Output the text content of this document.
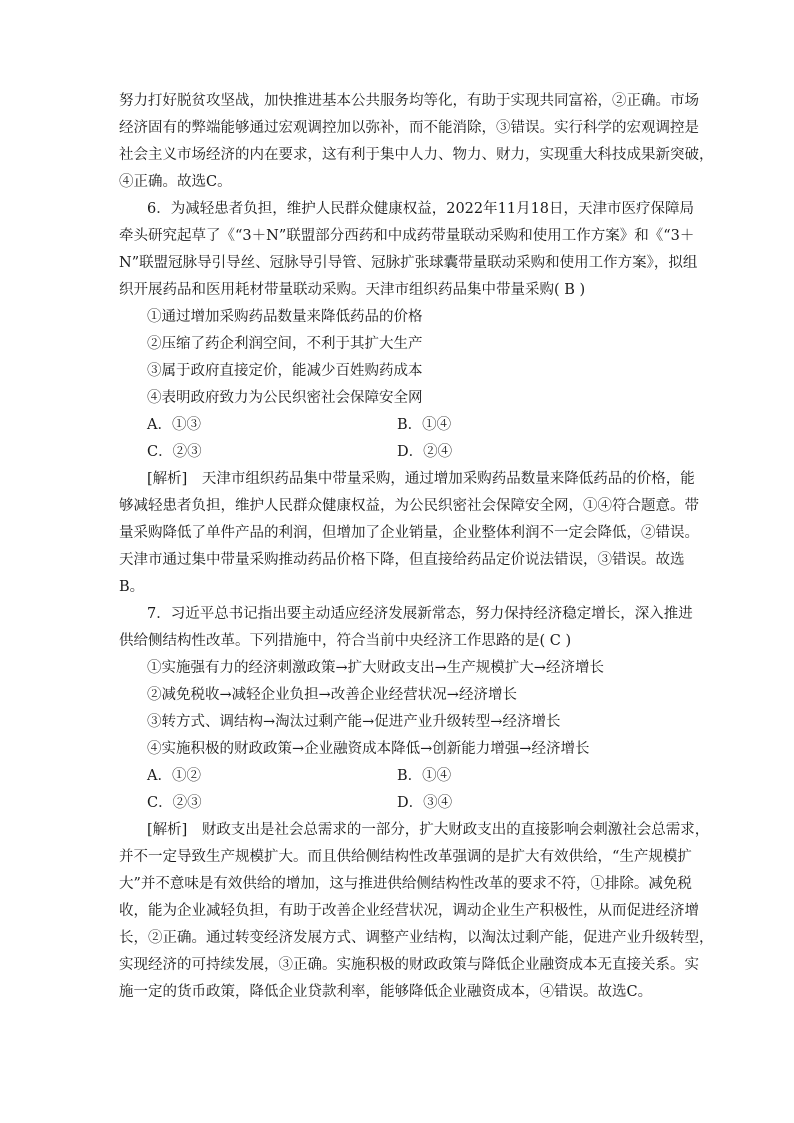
努力打好脱贫攻坚战，加快推进基本公共服务均等化，有助于实现共同富裕，②正确。市场
经济固有的弊端能够通过宏观调控加以弥补，而不能消除，③错误。实行科学的宏观调控是
社会主义市场经济的内在要求，这有利于集中人力、物力、财力，实现重大科技成果新突破，
④正确。故选C。
6．为减轻患者负担，维护人民群众健康权益，2022年11月18日，天津市医疗保障局
牵头研究起草了《“3＋N”联盟部分西药和中成药带量联动采购和使用工作方案》和《“3＋
N”联盟冠脉导引导丝、冠脉导引导管、冠脉扩张球囊带量联动采购和使用工作方案》，拟组
织开展药品和医用耗材带量联动采购。天津市组织药品集中带量采购( B )
①通过增加采购药品数量来降低药品的价格
②压缩了药企利润空间，不利于其扩大生产
③属于政府直接定价，能减少百姓购药成本
④表明政府致力为公民织密社会保障安全网
A．①③	B．①④
C．②③	D．②④
[解析]　天津市组织药品集中带量采购，通过增加采购药品数量来降低药品的价格，能
够减轻患者负担，维护人民群众健康权益，为公民织密社会保障安全网，①④符合题意。带
量采购降低了单件产品的利润，但增加了企业销量，企业整体利润不一定会降低，②错误。
天津市通过集中带量采购推动药品价格下降，但直接给药品定价说法错误，③错误。故选
B。
7．习近平总书记指出要主动适应经济发展新常态，努力保持经济稳定增长，深入推进
供给侧结构性改革。下列措施中，符合当前中央经济工作思路的是( C )
①实施强有力的经济刺激政策→扩大财政支出→生产规模扩大→经济增长
②减免税收→减轻企业负担→改善企业经营状况→经济增长
③转方式、调结构→淘汰过剩产能→促进产业升级转型→经济增长
④实施积极的财政政策→企业融资成本降低→创新能力增强→经济增长
A．①②	B．①④
C．②③	D．③④
[解析]　财政支出是社会总需求的一部分，扩大财政支出的直接影响会刺激社会总需求，
并不一定导致生产规模扩大。而且供给侧结构性改革强调的是扩大有效供给，“生产规模扩
大”并不意味是有效供给的增加，这与推进供给侧结构性改革的要求不符，①排除。减免税
收，能为企业减轻负担，有助于改善企业经营状况，调动企业生产积极性，从而促进经济增
长，②正确。通过转变经济发展方式、调整产业结构，以淘汰过剩产能，促进产业升级转型，
实现经济的可持续发展，③正确。实施积极的财政政策与降低企业融资成本无直接关系。实
施一定的货币政策，降低企业贷款利率，能够降低企业融资成本，④错误。故选C。
